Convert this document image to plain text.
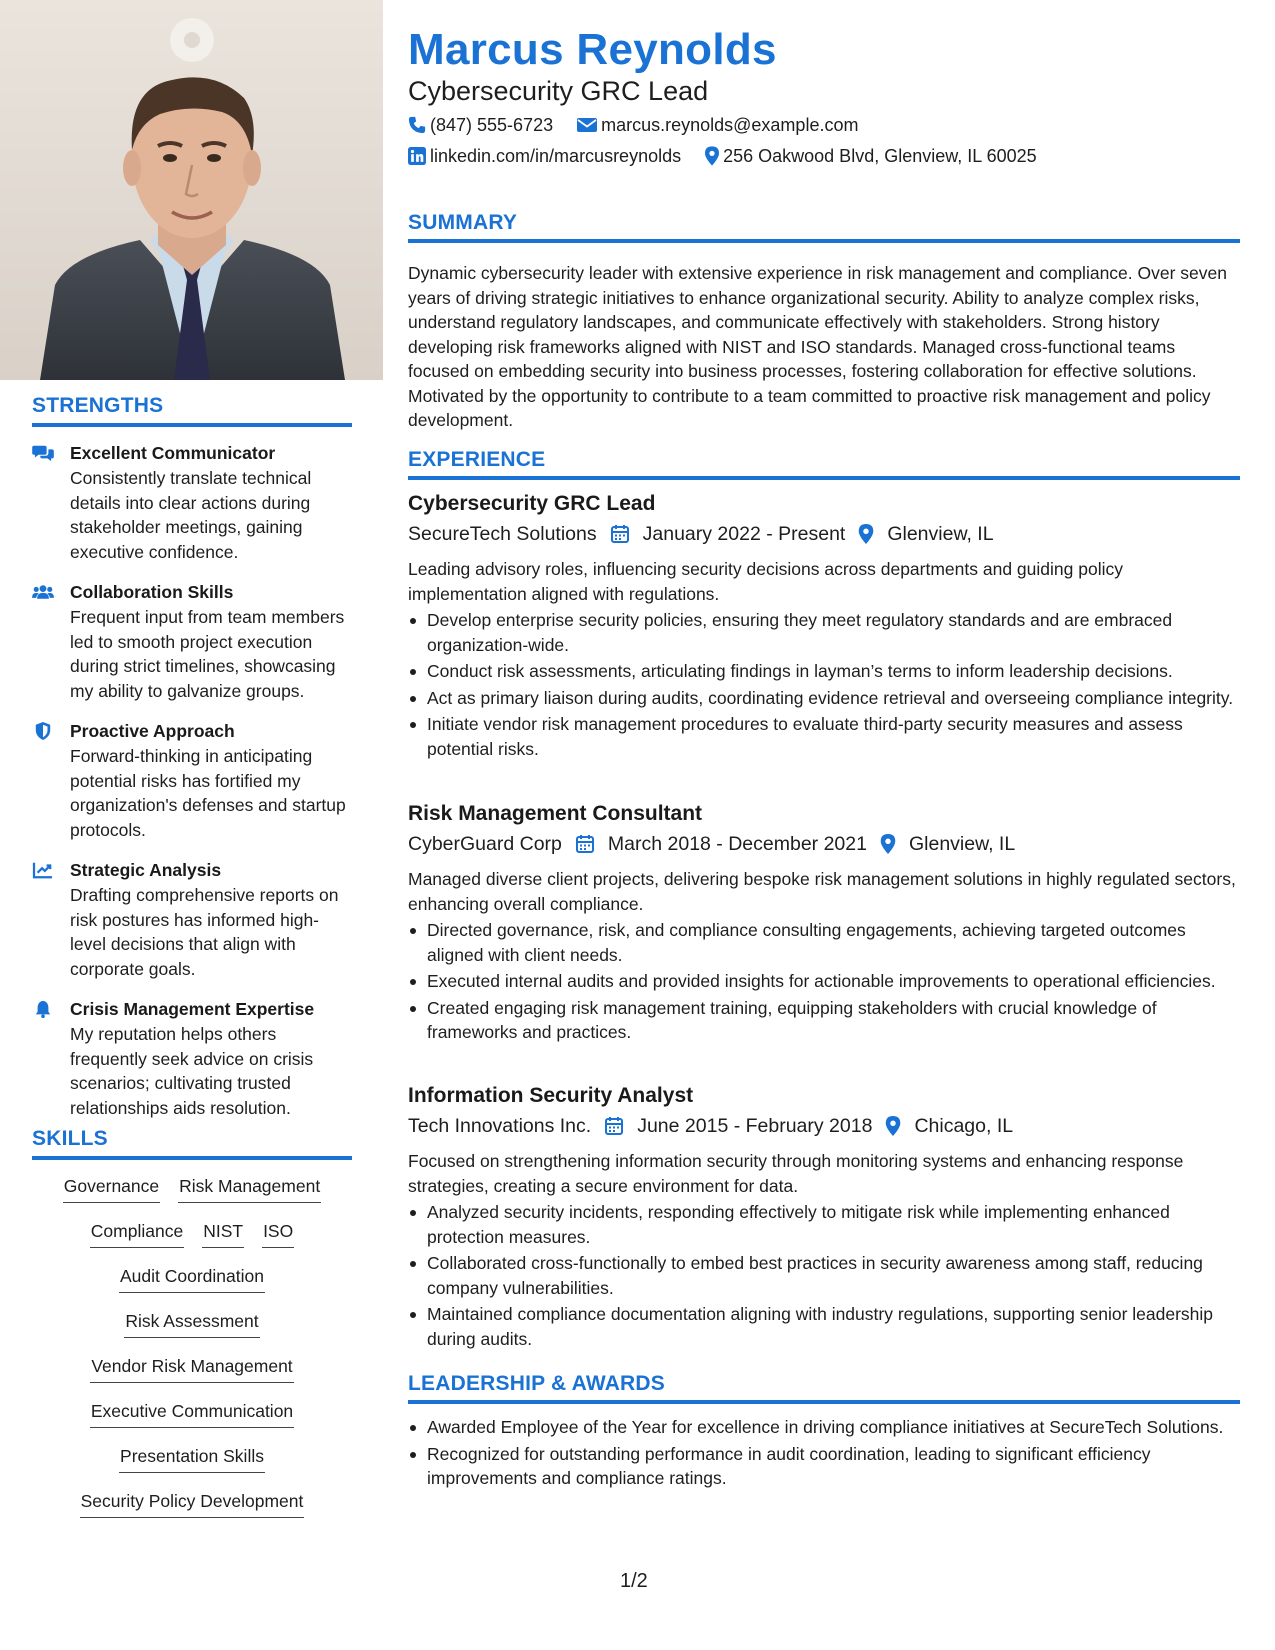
STRENGTHS
Excellent Communicator
Consistently translate technical details into clear actions during stakeholder meetings, gaining executive confidence.
Collaboration Skills
Frequent input from team members led to smooth project execution during strict timelines, showcasing my ability to galvanize groups.
Proactive Approach
Forward-thinking in anticipating potential risks has fortified my organization's defenses and startup protocols.
Strategic Analysis
Drafting comprehensive reports on risk postures has informed high-level decisions that align with corporate goals.
Crisis Management Expertise
My reputation helps others frequently seek advice on crisis scenarios; cultivating trusted relationships aids resolution.
SKILLS
Governance Risk Management
Compliance NIST ISO
Audit Coordination
Risk Assessment
Vendor Risk Management
Executive Communication
Presentation Skills
Security Policy Development
Marcus Reynolds
Cybersecurity GRC Lead
(847) 555-6723	marcus.reynolds@example.com
linkedin.com/in/marcusreynolds 256 Oakwood Blvd, Glenview, IL 60025
SUMMARY
Dynamic cybersecurity leader with extensive experience in risk management and compliance. Over seven years of driving strategic initiatives to enhance organizational security. Ability to analyze complex risks, understand regulatory landscapes, and communicate effectively with stakeholders. Strong history developing risk frameworks aligned with NIST and ISO standards. Managed cross-functional teams focused on embedding security into business processes, fostering collaboration for effective solutions. Motivated by the opportunity to contribute to a team committed to proactive risk management and policy development.
EXPERIENCE
Cybersecurity GRC Lead
SecureTech Solutions January 2022 - Present Glenview, IL
Leading advisory roles, influencing security decisions across departments and guiding policy implementation aligned with regulations.
Develop enterprise security policies, ensuring they meet regulatory standards and are embraced organization-wide.
Conduct risk assessments, articulating findings in layman’s terms to inform leadership decisions.
Act as primary liaison during audits, coordinating evidence retrieval and overseeing compliance integrity.
Initiate vendor risk management procedures to evaluate third-party security measures and assess potential risks.
Risk Management Consultant
CyberGuard Corp March 2018 - December 2021 Glenview, IL
Managed diverse client projects, delivering bespoke risk management solutions in highly regulated sectors, enhancing overall compliance.
Directed governance, risk, and compliance consulting engagements, achieving targeted outcomes aligned with client needs.
Executed internal audits and provided insights for actionable improvements to operational efficiencies.
Created engaging risk management training, equipping stakeholders with crucial knowledge of frameworks and practices.
Information Security Analyst
Tech Innovations Inc. June 2015 - February 2018 Chicago, IL
Focused on strengthening information security through monitoring systems and enhancing response strategies, creating a secure environment for data.
Analyzed security incidents, responding effectively to mitigate risk while implementing enhanced protection measures.
Collaborated cross-functionally to embed best practices in security awareness among staff, reducing company vulnerabilities.
Maintained compliance documentation aligning with industry regulations, supporting senior leadership during audits.
LEADERSHIP & AWARDS
Awarded Employee of the Year for excellence in driving compliance initiatives at SecureTech Solutions.
Recognized for outstanding performance in audit coordination, leading to significant efficiency improvements and compliance ratings.
1/2
